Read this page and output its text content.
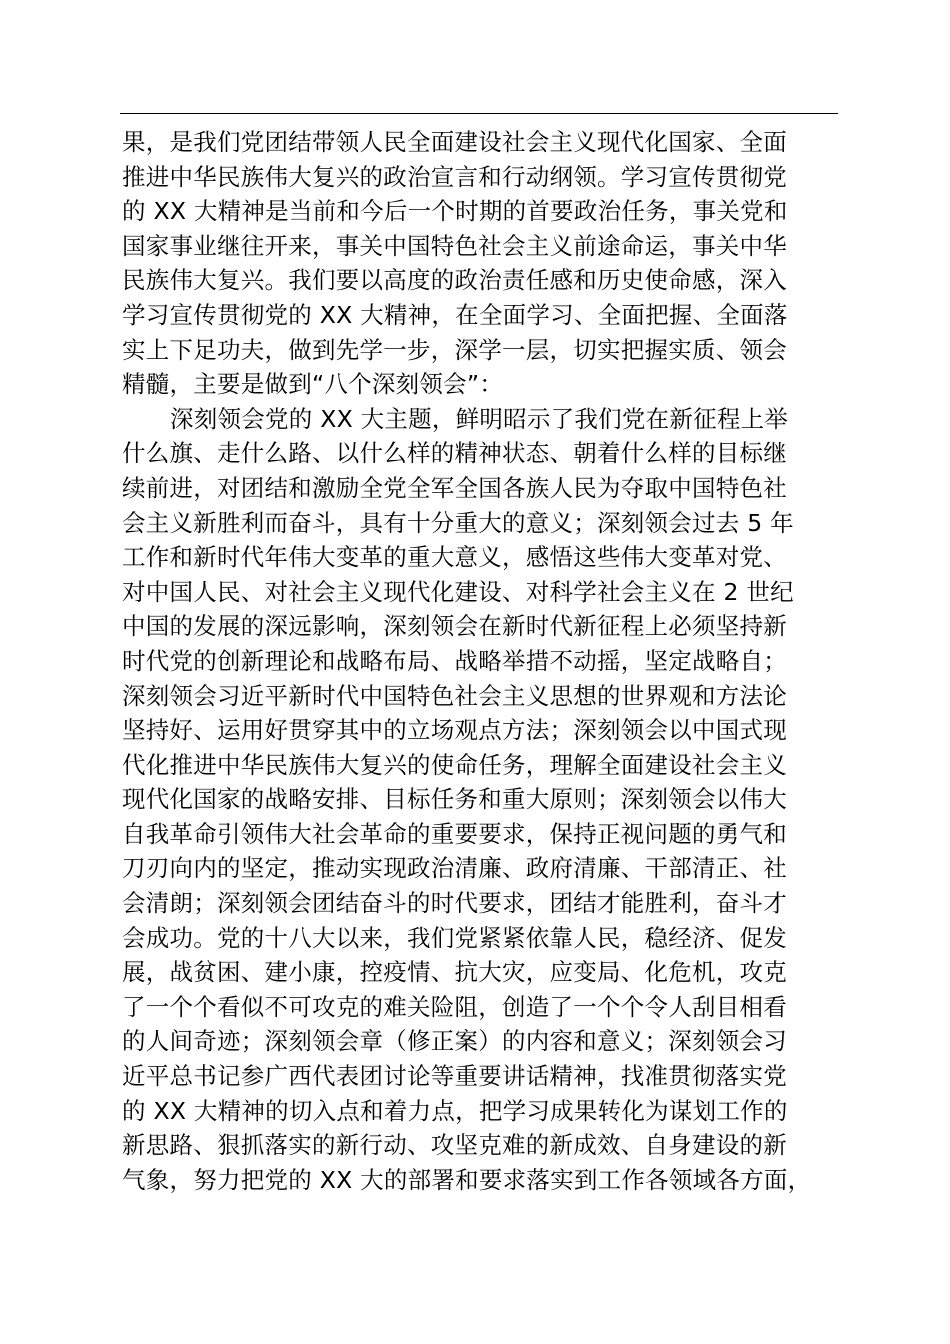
果，是我们党团结带领人民全面建设社会主义现代化国家、全面
推进中华民族伟大复兴的政治宣言和行动纲领。学习宣传贯彻党
的 XX 大精神是当前和今后一个时期的首要政治任务，事关党和
国家事业继往开来，事关中国特色社会主义前途命运，事关中华
民族伟大复兴。我们要以高度的政治责任感和历史使命感，深入
学习宣传贯彻党的 XX 大精神，在全面学习、全面把握、全面落
实上下足功夫，做到先学一步，深学一层，切实把握实质、领会
精髓，主要是做到“八个深刻领会”：
深刻领会党的 XX 大主题，鲜明昭示了我们党在新征程上举
什么旗、走什么路、以什么样的精神状态、朝着什么样的目标继
续前进，对团结和激励全党全军全国各族人民为夺取中国特色社
会主义新胜利而奋斗，具有十分重大的意义；深刻领会过去 5 年
工作和新时代年伟大变革的重大意义，感悟这些伟大变革对党、
对中国人民、对社会主义现代化建设、对科学社会主义在 2 世纪
中国的发展的深远影响，深刻领会在新时代新征程上必须坚持新
时代党的创新理论和战略布局、战略举措不动摇，坚定战略自；
深刻领会习近平新时代中国特色社会主义思想的世界观和方法论
坚持好、运用好贯穿其中的立场观点方法；深刻领会以中国式现
代化推进中华民族伟大复兴的使命任务，理解全面建设社会主义
现代化国家的战略安排、目标任务和重大原则；深刻领会以伟大
自我革命引领伟大社会革命的重要要求，保持正视问题的勇气和
刀刃向内的坚定，推动实现政治清廉、政府清廉、干部清正、社
会清朗；深刻领会团结奋斗的时代要求，团结才能胜利，奋斗才
会成功。党的十八大以来，我们党紧紧依靠人民，稳经济、促发
展，战贫困、建小康，控疫情、抗大灾，应变局、化危机，攻克
了一个个看似不可攻克的难关险阻，创造了一个个令人刮目相看
的人间奇迹；深刻领会章（修正案）的内容和意义；深刻领会习
近平总书记参广西代表团讨论等重要讲话精神，找准贯彻落实党
的 XX 大精神的切入点和着力点，把学习成果转化为谋划工作的
新思路、狠抓落实的新行动、攻坚克难的新成效、自身建设的新
气象，努力把党的 XX 大的部署和要求落实到工作各领域各方面，
